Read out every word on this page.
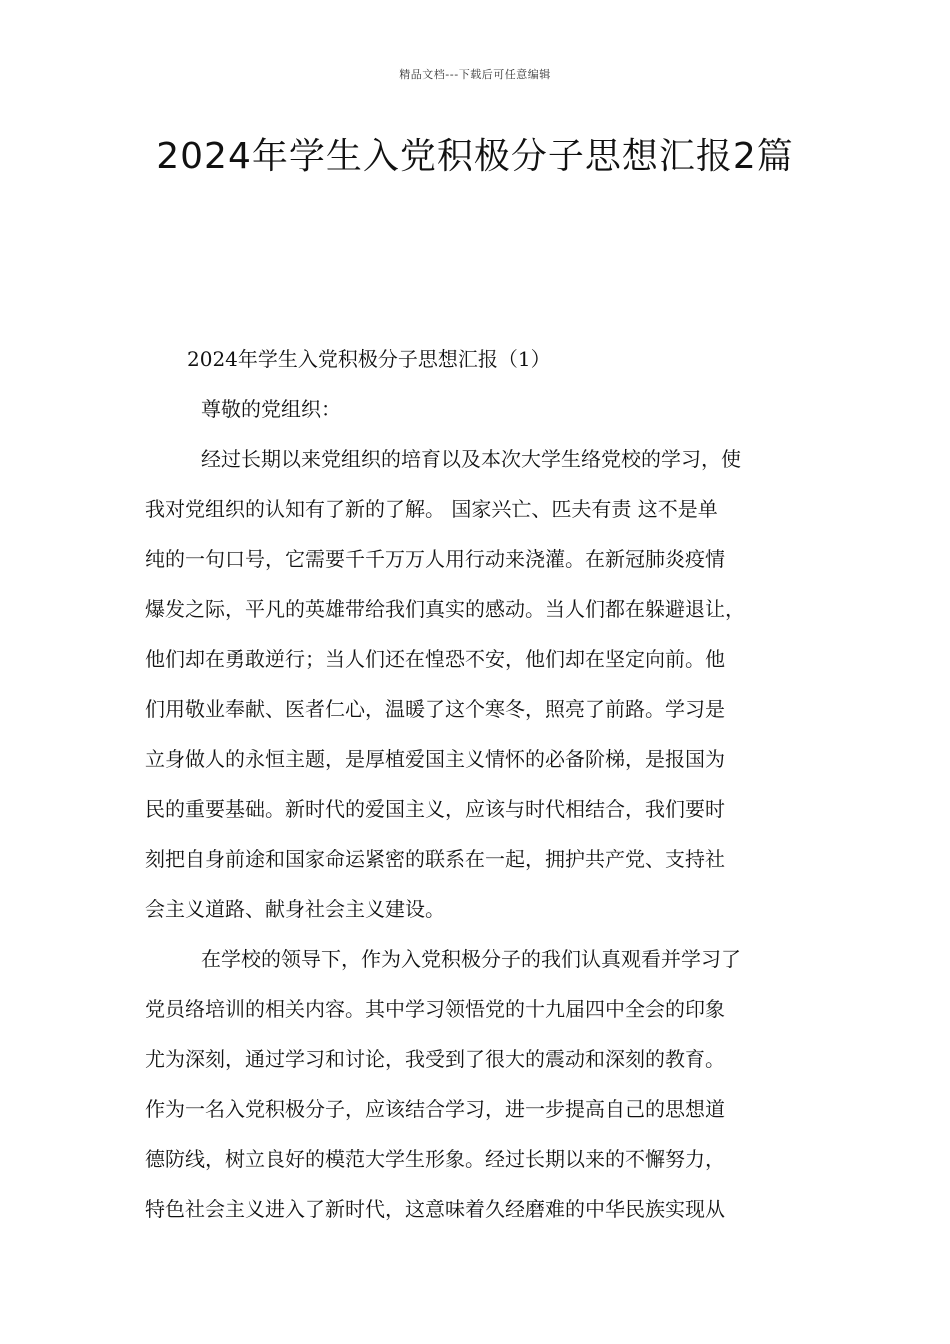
精品文档---下载后可任意编辑
2024年学生入党积极分子思想汇报2篇

2024年学生入党积极分子思想汇报（1）

尊敬的党组织：

经过长期以来党组织的培育以及本次大学生络党校的学习，使
我对党组织的认知有了新的了解。 国家兴亡、匹夫有责 这不是单
纯的一句口号，它需要千千万万人用行动来浇灌。在新冠肺炎疫情
爆发之际，平凡的英雄带给我们真实的感动。当人们都在躲避退让，
他们却在勇敢逆行；当人们还在惶恐不安，他们却在坚定向前。他
们用敬业奉献、医者仁心，温暖了这个寒冬，照亮了前路。学习是
立身做人的永恒主题，是厚植爱国主义情怀的必备阶梯，是报国为
民的重要基础。新时代的爱国主义，应该与时代相结合，我们要时
刻把自身前途和国家命运紧密的联系在一起，拥护共产党、支持社
会主义道路、献身社会主义建设。

在学校的领导下，作为入党积极分子的我们认真观看并学习了
党员络培训的相关内容。其中学习领悟党的十九届四中全会的印象
尤为深刻，通过学习和讨论，我受到了很大的震动和深刻的教育。
作为一名入党积极分子，应该结合学习，进一步提高自己的思想道
德防线，树立良好的模范大学生形象。经过长期以来的不懈努力，
特色社会主义进入了新时代，这意味着久经磨难的中华民族实现从
